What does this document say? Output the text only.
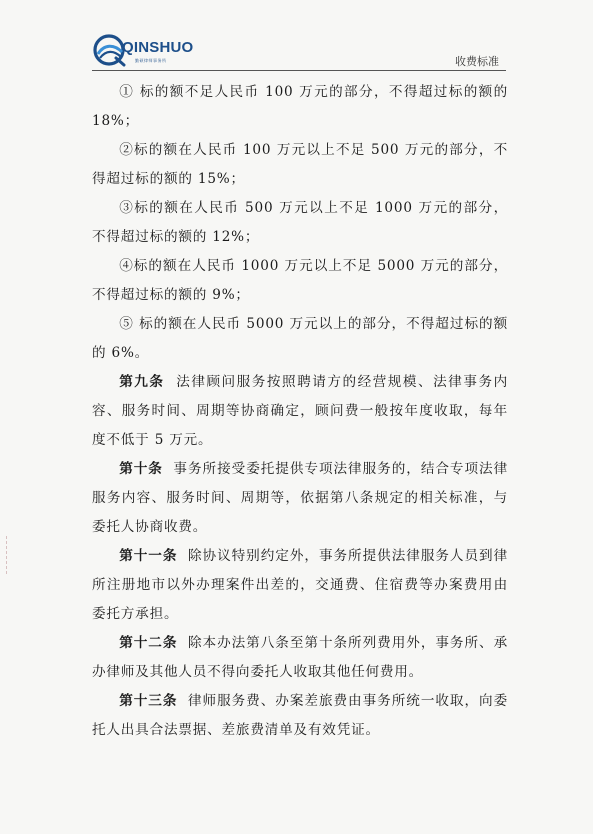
QINSHUO
勤硕律师事务所	收费标准

① 标的额不足人民币 100 万元的部分，不得超过标的额的 18%；

②标的额在人民币 100 万元以上不足 500 万元的部分，不得超过标的额的 15%；

③标的额在人民币 500 万元以上不足 1000 万元的部分，不得超过标的额的 12%；

④标的额在人民币 1000 万元以上不足 5000 万元的部分，不得超过标的额的 9%；

⑤ 标的额在人民币 5000 万元以上的部分，不得超过标的额的 6%。

第九条 法律顾问服务按照聘请方的经营规模、法律事务内容、服务时间、周期等协商确定，顾问费一般按年度收取，每年度不低于 5 万元。

第十条 事务所接受委托提供专项法律服务的，结合专项法律服务内容、服务时间、周期等，依据第八条规定的相关标准，与委托人协商收费。

第十一条 除协议特别约定外，事务所提供法律服务人员到律所注册地市以外办理案件出差的，交通费、住宿费等办案费用由委托方承担。

第十二条 除本办法第八条至第十条所列费用外，事务所、承办律师及其他人员不得向委托人收取其他任何费用。

第十三条 律师服务费、办案差旅费由事务所统一收取，向委托人出具合法票据、差旅费清单及有效凭证。
